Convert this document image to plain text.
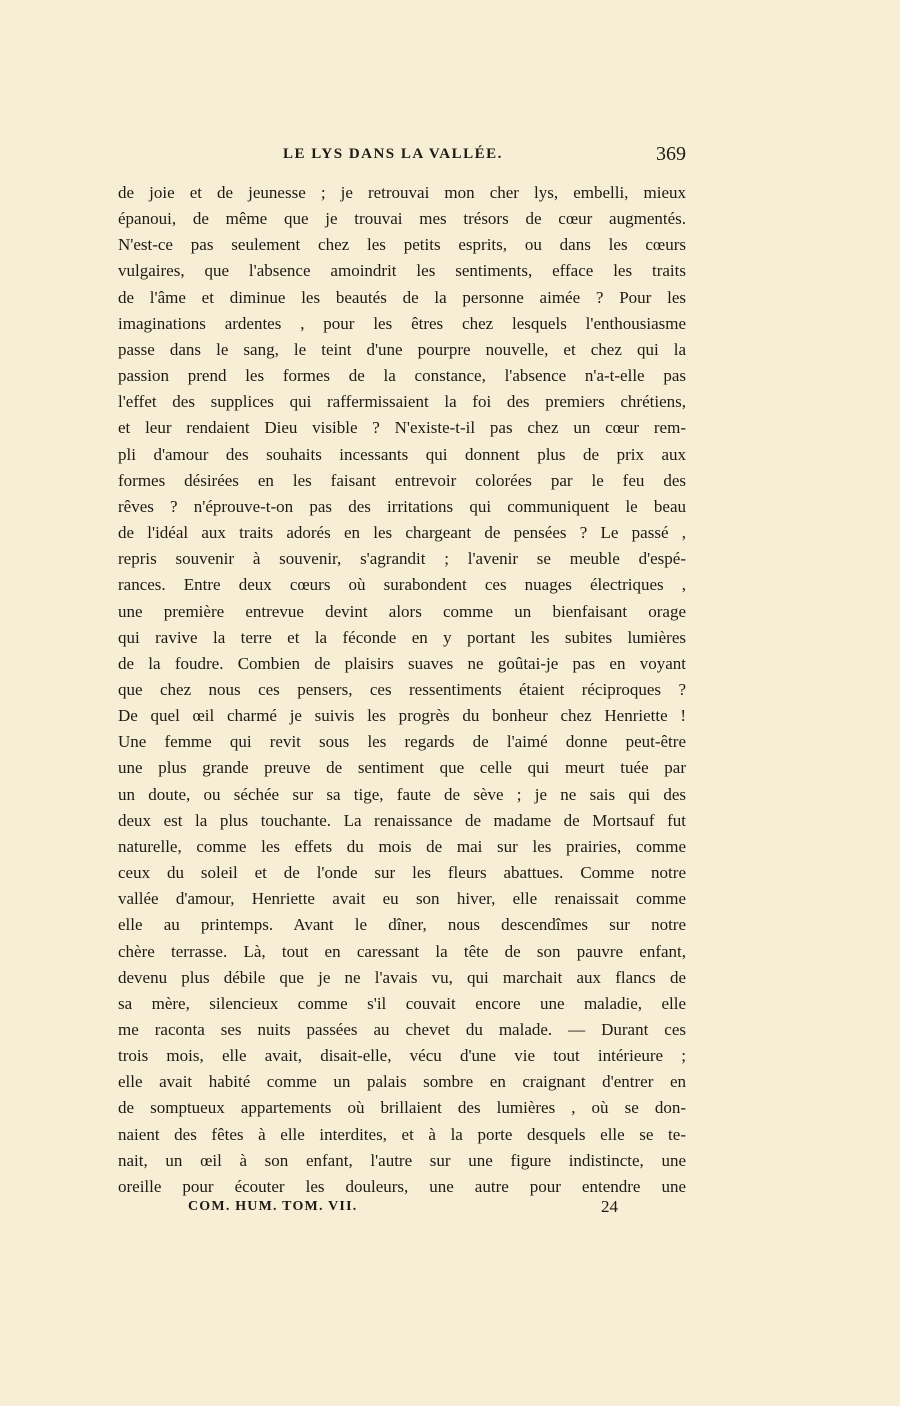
LE LYS DANS LA VALLÉE.	369
de joie et de jeunesse ; je retrouvai mon cher lys, embelli, mieux
épanoui, de même que je trouvai mes trésors de cœur augmentés.
N'est-ce pas seulement chez les petits esprits, ou dans les cœurs
vulgaires, que l'absence amoindrit les sentiments, efface les traits
de l'âme et diminue les beautés de la personne aimée ? Pour les
imaginations ardentes , pour les êtres chez lesquels l'enthousiasme
passe dans le sang, le teint d'une pourpre nouvelle, et chez qui la
passion prend les formes de la constance, l'absence n'a-t-elle pas
l'effet des supplices qui raffermissaient la foi des premiers chrétiens,
et leur rendaient Dieu visible ? N'existe-t-il pas chez un cœur rem-
pli d'amour des souhaits incessants qui donnent plus de prix aux
formes désirées en les faisant entrevoir colorées par le feu des
rêves ? n'éprouve-t-on pas des irritations qui communiquent le beau
de l'idéal aux traits adorés en les chargeant de pensées ? Le passé ,
repris souvenir à souvenir, s'agrandit ; l'avenir se meuble d'espé-
rances. Entre deux cœurs où surabondent ces nuages électriques ,
une première entrevue devint alors comme un bienfaisant orage
qui ravive la terre et la féconde en y portant les subites lumières
de la foudre. Combien de plaisirs suaves ne goûtai-je pas en voyant
que chez nous ces pensers, ces ressentiments étaient réciproques ?
De quel œil charmé je suivis les progrès du bonheur chez Henriette !
Une femme qui revit sous les regards de l'aimé donne peut-être
une plus grande preuve de sentiment que celle qui meurt tuée par
un doute, ou séchée sur sa tige, faute de sève ; je ne sais qui des
deux est la plus touchante. La renaissance de madame de Mortsauf fut
naturelle, comme les effets du mois de mai sur les prairies, comme
ceux du soleil et de l'onde sur les fleurs abattues. Comme notre
vallée d'amour, Henriette avait eu son hiver, elle renaissait comme
elle au printemps. Avant le dîner, nous descendîmes sur notre
chère terrasse. Là, tout en caressant la tête de son pauvre enfant,
devenu plus débile que je ne l'avais vu, qui marchait aux flancs de
sa mère, silencieux comme s'il couvait encore une maladie, elle
me raconta ses nuits passées au chevet du malade. — Durant ces
trois mois, elle avait, disait-elle, vécu d'une vie tout intérieure ;
elle avait habité comme un palais sombre en craignant d'entrer en
de somptueux appartements où brillaient des lumières , où se don-
naient des fêtes à elle interdites, et à la porte desquels elle se te-
nait, un œil à son enfant, l'autre sur une figure indistincte, une
oreille pour écouter les douleurs, une autre pour entendre une
COM. HUM. TOM. VII.	24
